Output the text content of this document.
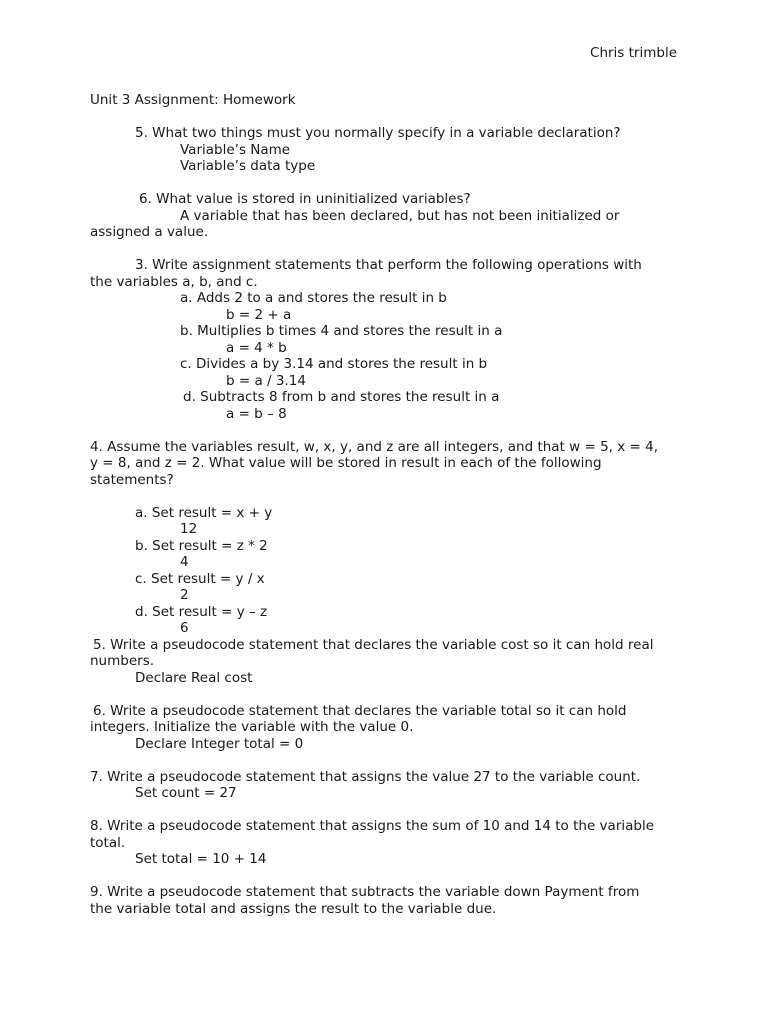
Chris trimble
Unit 3 Assignment: Homework
5. What two things must you normally specify in a variable declaration?
Variable’s Name
Variable’s data type
6. What value is stored in uninitialized variables?
A variable that has been declared, but has not been initialized or
assigned a value.
3. Write assignment statements that perform the following operations with
the variables a, b, and c.
a. Adds 2 to a and stores the result in b
b = 2 + a
b. Multiplies b times 4 and stores the result in a
a = 4 * b
c. Divides a by 3.14 and stores the result in b
b = a / 3.14
d. Subtracts 8 from b and stores the result in a
a = b – 8
4. Assume the variables result, w, x, y, and z are all integers, and that w = 5, x = 4,
y = 8, and z = 2. What value will be stored in result in each of the following
statements?
a. Set result = x + y
12
b. Set result = z * 2
4
c. Set result = y / x
2
d. Set result = y – z
6
5. Write a pseudocode statement that declares the variable cost so it can hold real
numbers.
Declare Real cost
6. Write a pseudocode statement that declares the variable total so it can hold
integers. Initialize the variable with the value 0.
Declare Integer total = 0
7. Write a pseudocode statement that assigns the value 27 to the variable count.
Set count = 27
8. Write a pseudocode statement that assigns the sum of 10 and 14 to the variable
total.
Set total = 10 + 14
9. Write a pseudocode statement that subtracts the variable down Payment from
the variable total and assigns the result to the variable due.
